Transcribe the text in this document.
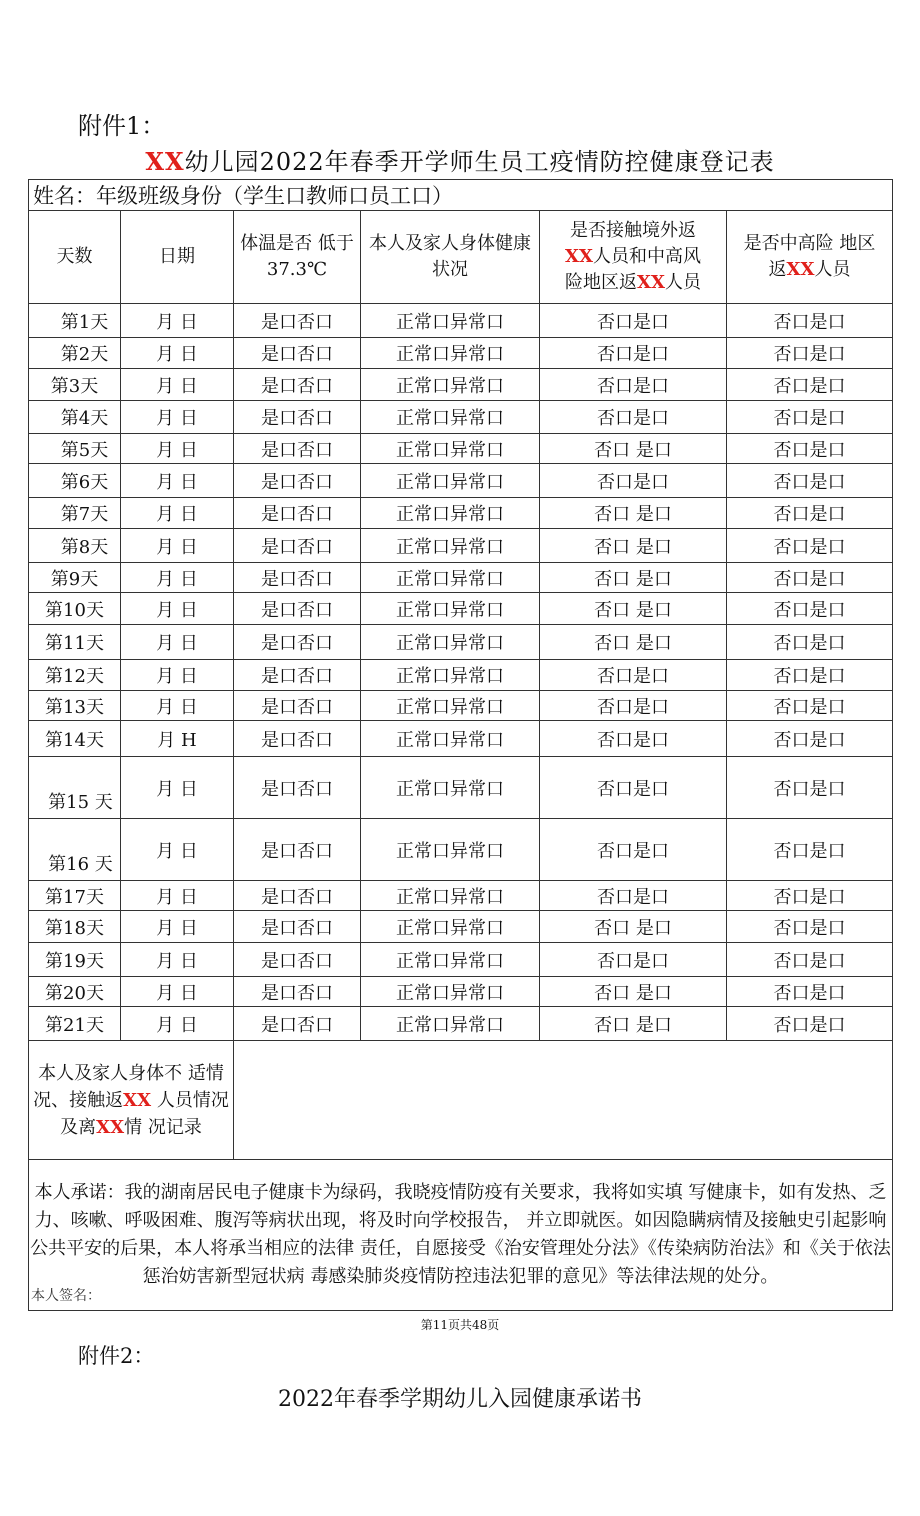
附件1：
XX幼儿园2022年春季开学师生员工疫情防控健康登记表
姓名：年级班级身份（学生口教师口员工口）					
天数	日期	体温是否 低于37.3℃	本人及家人身体健康状况	是否接触境外返
XX人员和中高风
险地区返XX人员	是否中高险 地区
返XX人员
第1天	月 日	是口否口	正常口异常口	否口是口	否口是口
第2天	月 日	是口否口	正常口异常口	否口是口	否口是口
第3天	月 日	是口否口	正常口异常口	否口是口	否口是口
第4天	月 日	是口否口	正常口异常口	否口是口	否口是口
第5天	月 日	是口否口	正常口异常口	否口 是口	否口是口
第6天	月 日	是口否口	正常口异常口	否口是口	否口是口
第7天	月 日	是口否口	正常口异常口	否口 是口	否口是口
第8天	月 日	是口否口	正常口异常口	否口 是口	否口是口
第9天	月 日	是口否口	正常口异常口	否口 是口	否口是口
第10天	月 日	是口否口	正常口异常口	否口 是口	否口是口
第11天	月 日	是口否口	正常口异常口	否口 是口	否口是口
第12天	月 日	是口否口	正常口异常口	否口是口	否口是口
第13天	月 日	是口否口	正常口异常口	否口是口	否口是口
第14天	月 H	是口否口	正常口异常口	否口是口	否口是口
第15 天	月 日	是口否口	正常口异常口	否口是口	否口是口
第16 天	月 日	是口否口	正常口异常口	否口是口	否口是口
第17天	月 日	是口否口	正常口异常口	否口是口	否口是口
第18天	月 日	是口否口	正常口异常口	否口 是口	否口是口
第19天	月 日	是口否口	正常口异常口	否口是口	否口是口
第20天	月 日	是口否口	正常口异常口	否口 是口	否口是口
第21天	月 日	是口否口	正常口异常口	否口 是口	否口是口
本人及家人身体不 适情况、接触返XX 人员情况及离XX情 况记录					
本人承诺：我的湖南居民电子健康卡为绿码，我晓疫情防疫有关要求，我将如实填 写健康卡，如有发热、乏力、咳嗽、呼吸困难、腹泻等病状出现，将及时向学校报告， 并立即就医。如因隐瞒病情及接触史引起影响公共平安的后果，本人将承当相应的法律 责任，自愿接受《治安管理处分法》《传染病防治法》和《关于依法惩治妨害新型冠状病 毒感染肺炎疫情防控违法犯罪的意见》等法律法规的处分。
本人签名：					
第11页共48页
附件2：
2022年春季学期幼儿入园健康承诺书
